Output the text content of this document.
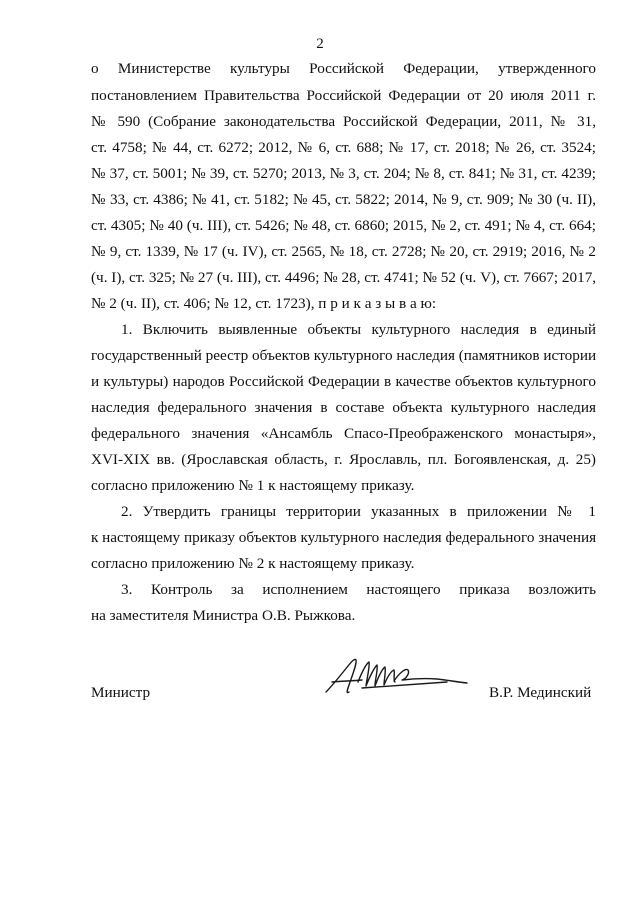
2
о Министерстве культуры Российской Федерации, утвержденного
постановлением Правительства Российской Федерации от 20 июля 2011 г.
№ 590 (Собрание законодательства Российской Федерации, 2011, № 31,
ст. 4758; № 44, ст. 6272; 2012, № 6, ст. 688; № 17, ст. 2018; № 26, ст. 3524;
№ 37, ст. 5001; № 39, ст. 5270; 2013, № 3, ст. 204; № 8, ст. 841; № 31, ст. 4239;
№ 33, ст. 4386; № 41, ст. 5182; № 45, ст. 5822; 2014, № 9, ст. 909; № 30 (ч. II),
ст. 4305; № 40 (ч. III), ст. 5426; № 48, ст. 6860; 2015, № 2, ст. 491; № 4, ст. 664;
№ 9, ст. 1339, № 17 (ч. IV), ст. 2565, № 18, ст. 2728; № 20, ст. 2919; 2016, № 2
(ч. I), ст. 325; № 27 (ч. III), ст. 4496; № 28, ст. 4741; № 52 (ч. V), ст. 7667; 2017,
№ 2 (ч. II), ст. 406; № 12, ст. 1723), п р и к а з ы в а ю:
1. Включить выявленные объекты культурного наследия в единый
государственный реестр объектов культурного наследия (памятников истории
и культуры) народов Российской Федерации в качестве объектов культурного
наследия федерального значения в составе объекта культурного наследия
федерального значения «Ансамбль Спасо-Преображенского монастыря»,
XVI-XIX вв. (Ярославская область, г. Ярославль, пл. Богоявленская, д. 25)
согласно приложению № 1 к настоящему приказу.
2. Утвердить границы территории указанных в приложении № 1
к настоящему приказу объектов культурного наследия федерального значения
согласно приложению № 2 к настоящему приказу.
3. Контроль за исполнением настоящего приказа возложить
на заместителя Министра О.В. Рыжкова.
Министр	В.Р. Мединский
